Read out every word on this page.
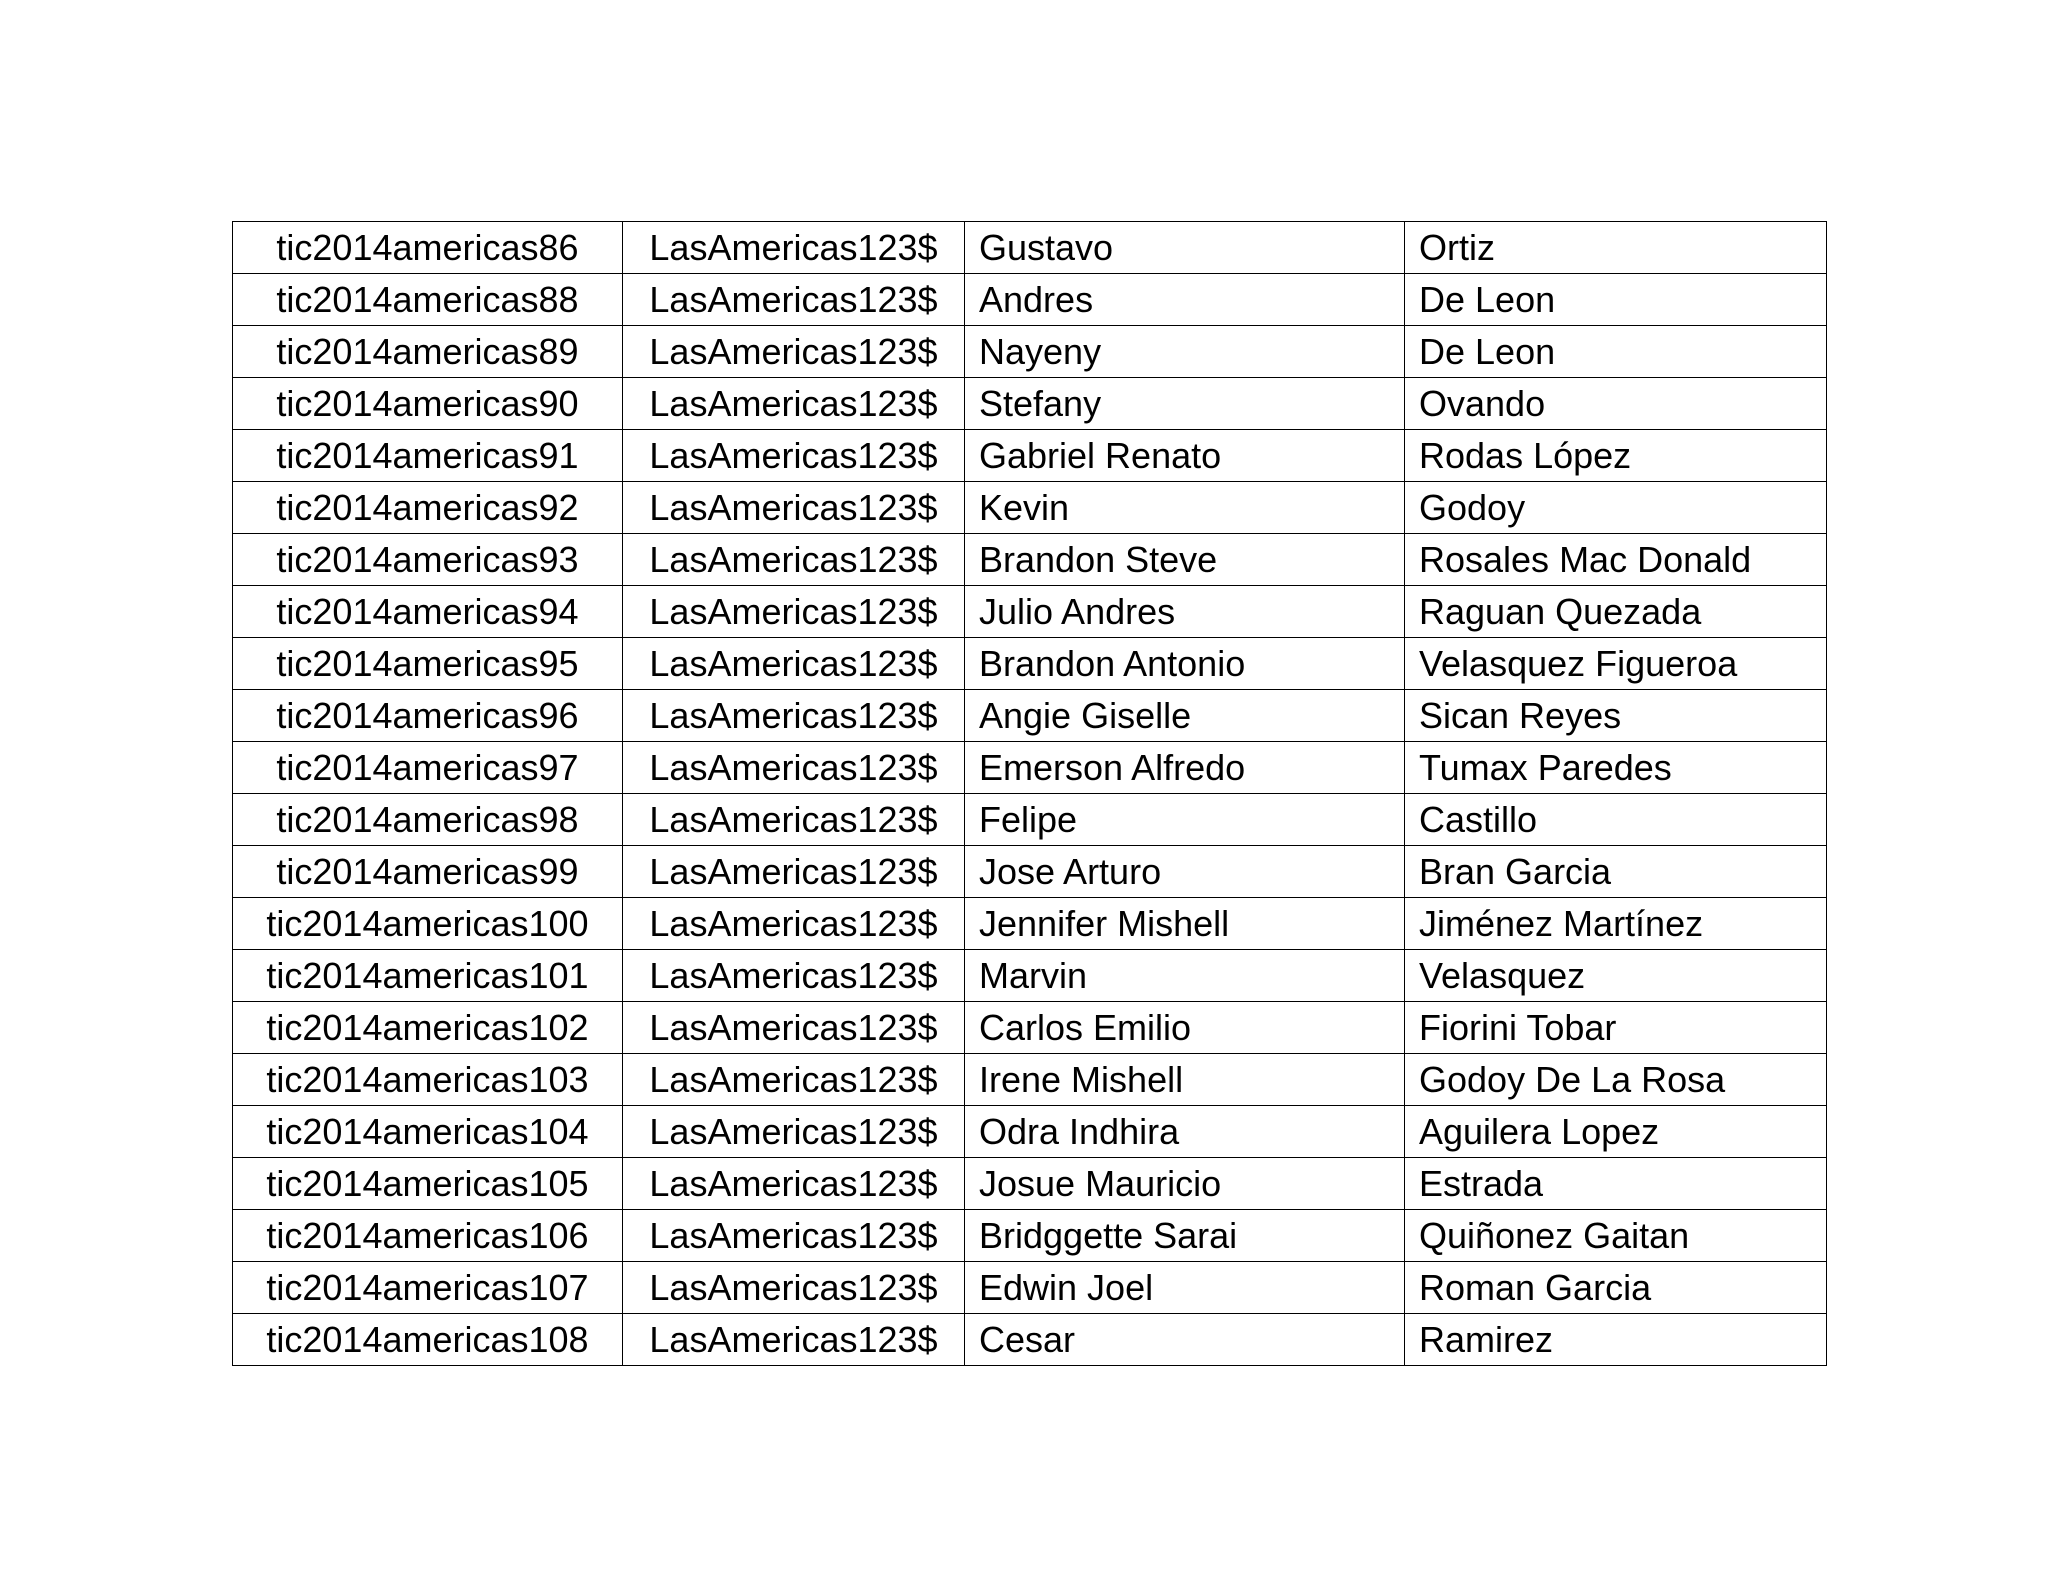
tic2014americas86	LasAmericas123$	Gustavo	Ortiz
tic2014americas88	LasAmericas123$	Andres	De Leon
tic2014americas89	LasAmericas123$	Nayeny	De Leon
tic2014americas90	LasAmericas123$	Stefany	Ovando
tic2014americas91	LasAmericas123$	Gabriel Renato	Rodas López
tic2014americas92	LasAmericas123$	Kevin	Godoy
tic2014americas93	LasAmericas123$	Brandon Steve	Rosales Mac Donald
tic2014americas94	LasAmericas123$	Julio Andres	Raguan Quezada
tic2014americas95	LasAmericas123$	Brandon Antonio	Velasquez Figueroa
tic2014americas96	LasAmericas123$	Angie Giselle	Sican Reyes
tic2014americas97	LasAmericas123$	Emerson Alfredo	Tumax Paredes
tic2014americas98	LasAmericas123$	Felipe	Castillo
tic2014americas99	LasAmericas123$	Jose Arturo	Bran Garcia
tic2014americas100	LasAmericas123$	Jennifer Mishell	Jiménez Martínez
tic2014americas101	LasAmericas123$	Marvin	Velasquez
tic2014americas102	LasAmericas123$	Carlos Emilio	Fiorini Tobar
tic2014americas103	LasAmericas123$	Irene Mishell	Godoy De La Rosa
tic2014americas104	LasAmericas123$	Odra Indhira	Aguilera Lopez
tic2014americas105	LasAmericas123$	Josue Mauricio	Estrada
tic2014americas106	LasAmericas123$	Bridggette Sarai	Quiñonez Gaitan
tic2014americas107	LasAmericas123$	Edwin Joel	Roman Garcia
tic2014americas108	LasAmericas123$	Cesar	Ramirez
